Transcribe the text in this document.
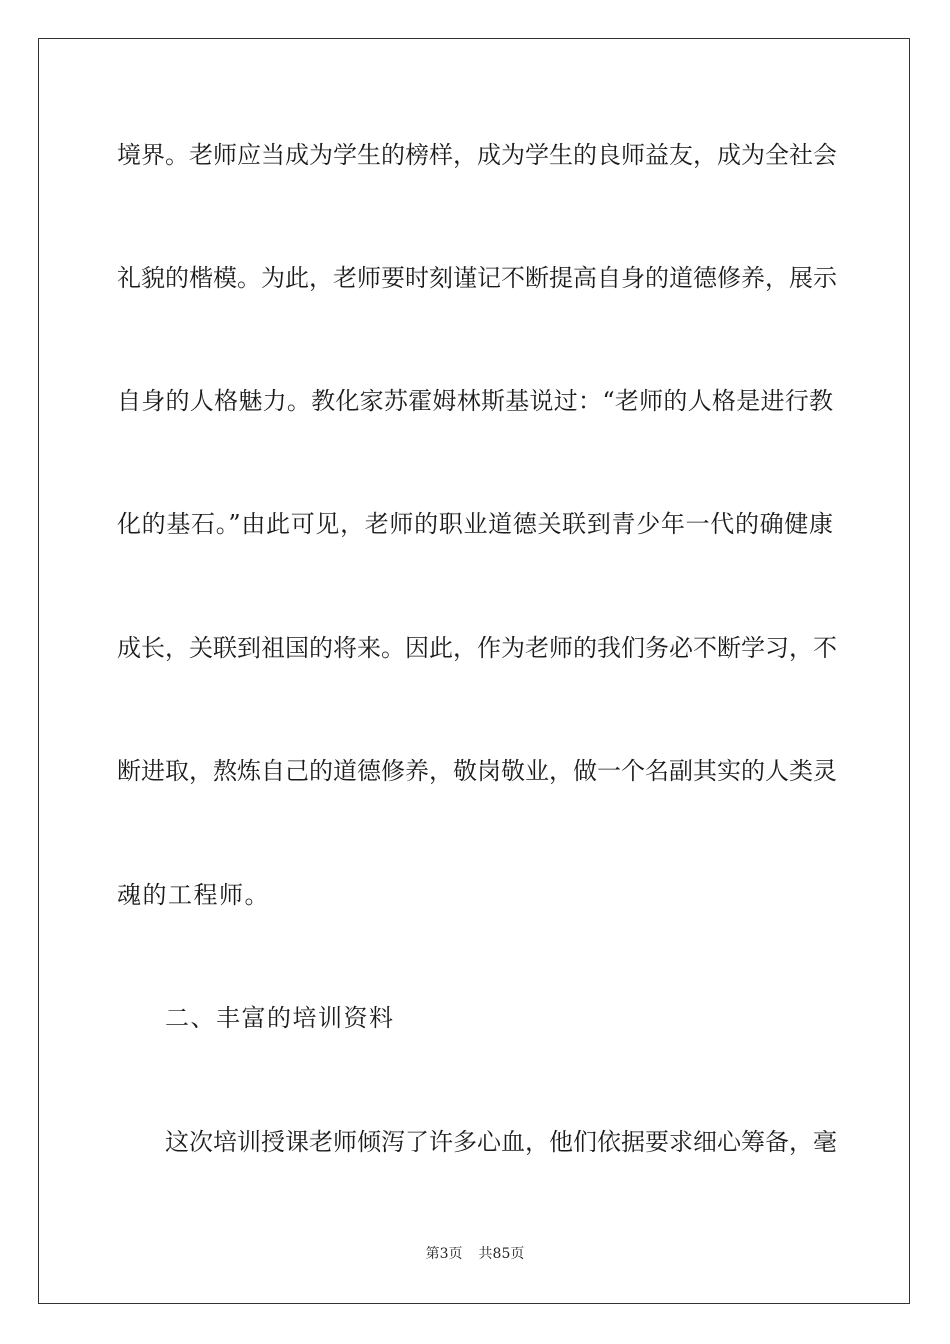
境界。老师应当成为学生的榜样，成为学生的良师益友，成为全社会
礼貌的楷模。为此，老师要时刻谨记不断提高自身的道德修养，展示
自身的人格魅力。教化家苏霍姆林斯基说过：“老师的人格是进行教
化的基石。”由此可见，老师的职业道德关联到青少年一代的确健康
成长，关联到祖国的将来。因此，作为老师的我们务必不断学习，不
断进取，熬炼自己的道德修养，敬岗敬业，做一个名副其实的人类灵
魂的工程师。
二、丰富的培训资料
这次培训授课老师倾泻了许多心血，他们依据要求细心筹备，毫
第3页 共85页
